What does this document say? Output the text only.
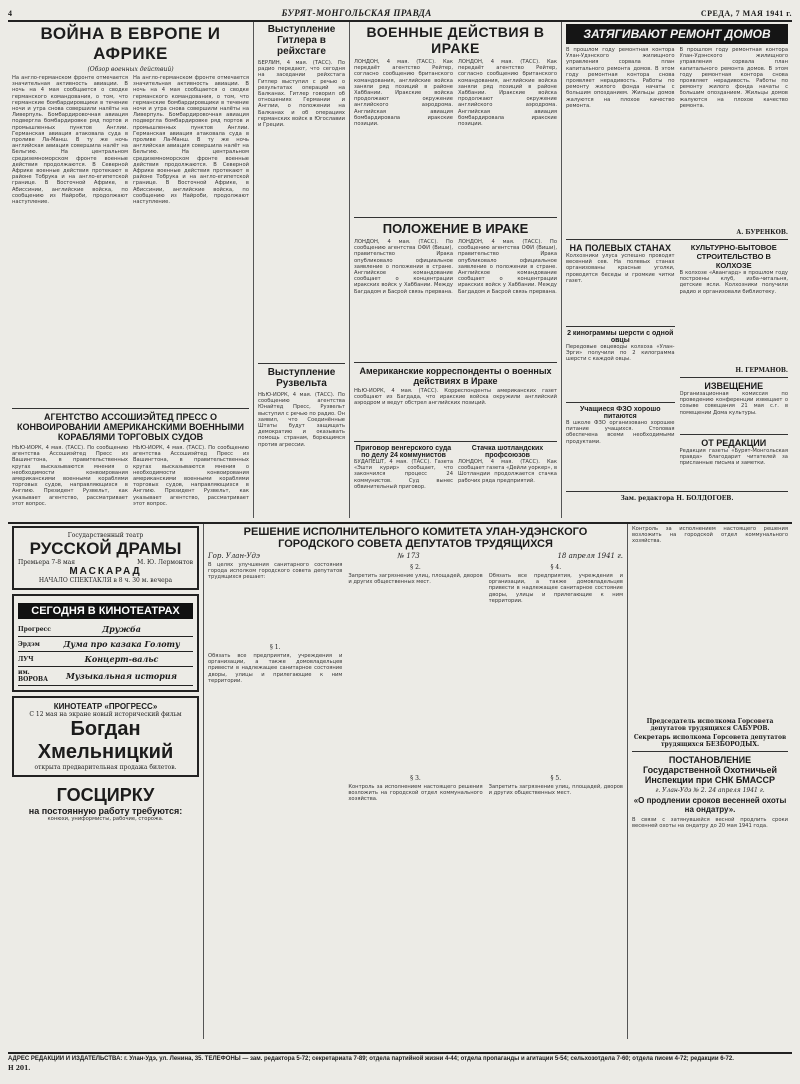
4	БУРЯТ-МОНГОЛЬСКАЯ ПРАВДА	СРЕДА, 7 МАЯ 1941 г.
ВОЙНА В ЕВРОПЕ И АФРИКЕ
(Обзор военных действий)
На англо-германском фронте отмечается значительная активность авиации. В ночь на 4 мая сообщается о сводке германского командования, о том, что германские бомбардировщики в течение ночи и утра снова совершили налёты на Ливерпуль. Бомбардировочная авиация подвергла бомбардировке ряд портов и промышленных пунктов Англии. Германская авиация атаковала суда в проливе Ла-Манш. В ту же ночь английская авиация совершила налёт на Бельгию. На центральном средиземноморском фронте военные действия продолжаются. В Северной Африке военные действия протекают в районе Тобрука и на англо-египетской границе. В Восточной Африке, в Абиссинии, английские войска, по сообщению из Найроби, продолжают наступление.
На англо-германском фронте отмечается значительная активность авиации. В ночь на 4 мая сообщается о сводке германского командования, о том, что германские бомбардировщики в течение ночи и утра снова совершили налёты на Ливерпуль. Бомбардировочная авиация подвергла бомбардировке ряд портов и промышленных пунктов Англии. Германская авиация атаковала суда в проливе Ла-Манш. В ту же ночь английская авиация совершила налёт на Бельгию. На центральном средиземноморском фронте военные действия продолжаются. В Северной Африке военные действия протекают в районе Тобрука и на англо-египетской границе. В Восточной Африке, в Абиссинии, английские войска, по сообщению из Найроби, продолжают наступление.
АГЕНТСТВО АССОШИЭЙТЕД ПРЕСС О КОНВОИРОВАНИИ АМЕРИКАНСКИМИ ВОЕННЫМИ КОРАБЛЯМИ ТОРГОВЫХ СУДОВ
НЬЮ-ЙОРК, 4 мая. (ТАСС). По сообщению агентства Ассошиэйтед Пресс из Вашингтона, в правительственных кругах высказываются мнения о необходимости конвоирования американскими военными кораблями торговых судов, направляющихся в Англию. Президент Рузвельт, как указывает агентство, рассматривает этот вопрос.
НЬЮ-ЙОРК, 4 мая. (ТАСС). По сообщению агентства Ассошиэйтед Пресс из Вашингтона, в правительственных кругах высказываются мнения о необходимости конвоирования американскими военными кораблями торговых судов, направляющихся в Англию. Президент Рузвельт, как указывает агентство, рассматривает этот вопрос.
Выступление Гитлера в рейхстаге
БЕРЛИН, 4 мая. (ТАСС). По радио передают, что сегодня на заседании рейхстага Гитлер выступил с речью о результатах операций на Балканах. Гитлер говорил об отношениях Германии и Англии, о положении на Балканах и об операциях германских войск в Югославии и Греции.
Выступление Рузвельта
НЬЮ-ЙОРК, 4 мая. (ТАСС). По сообщению агентства Юнайтед Пресс, Рузвельт выступил с речью по радио. Он заявил, что Соединённые Штаты будут защищать демократию и оказывать помощь странам, борющимся против агрессии.
ВОЕННЫЕ ДЕЙСТВИЯ В ИРАКЕ
ЛОНДОН, 4 мая. (ТАСС). Как передаёт агентство Рейтер, согласно сообщению британского командования, английские войска заняли ряд позиций в районе Хаббании. Иракские войска продолжают окружение английского аэродрома. Английская авиация бомбардировала иракские позиции.
ЛОНДОН, 4 мая. (ТАСС). Как передаёт агентство Рейтер, согласно сообщению британского командования, английские войска заняли ряд позиций в районе Хаббании. Иракские войска продолжают окружение английского аэродрома. Английская авиация бомбардировала иракские позиции.
ПОЛОЖЕНИЕ В ИРАКЕ
ЛОНДОН, 4 мая. (ТАСС). По сообщению агентства ОФИ (Виши), правительство Ирака опубликовало официальное заявление о положении в стране. Английское командование сообщает о концентрации иракских войск у Хаббании. Между Багдадом и Басрой связь прервана.
ЛОНДОН, 4 мая. (ТАСС). По сообщению агентства ОФИ (Виши), правительство Ирака опубликовало официальное заявление о положении в стране. Английское командование сообщает о концентрации иракских войск у Хаббании. Между Багдадом и Басрой связь прервана.
Американские корреспонденты о военных действиях в Ираке
НЬЮ-ЙОРК, 4 мая. (ТАСС). Корреспонденты американских газет сообщают из Багдада, что иракские войска окружили английский аэродром и ведут обстрел английских позиций.
Приговор венгерского суда по делу 24 коммунистов
БУДАПЕШТ, 4 мая. (ТАСС). Газета «Эшти курир» сообщает, что закончился процесс 24 коммунистов. Суд вынес обвинительный приговор.
Стачка шотландских профсоюзов
ЛОНДОН, 4 мая. (ТАСС). Как сообщает газета «Дейли уоркер», в Шотландии продолжается стачка рабочих ряда предприятий.
ЗАТЯГИВАЮТ РЕМОНТ ДОМОВ
В прошлом году ремонтная контора Улан-Удэнского жилищного управления сорвала план капитального ремонта домов. В этом году ремонтная контора снова проявляет нерадивость. Работы по ремонту жилого фонда начаты с большим опозданием. Жильцы домов жалуются на плохое качество ремонта.
В прошлом году ремонтная контора Улан-Удэнского жилищного управления сорвала план капитального ремонта домов. В этом году ремонтная контора снова проявляет нерадивость. Работы по ремонту жилого фонда начаты с большим опозданием. Жильцы домов жалуются на плохое качество ремонта.
А. БУРЕНКОВ.
НА ПОЛЕВЫХ СТАНАХ
Колхозники улуса успешно проводят весенний сев. На полевых станах организованы красные уголки, проводятся беседы и громкие читки газет.
2 кинограммы шерсти с одной овцы
Передовые овцеводы колхоза «Улан-Эрги» получили по 2 килограмма шерсти с каждой овцы.
Учащиеся ФЗО хорошо питаются
В школе ФЗО организовано хорошее питание учащихся. Столовая обеспечена всеми необходимыми продуктами.
КУЛЬТУРНО-БЫТОВОЕ СТРОИТЕЛЬСТВО В КОЛХОЗЕ
В колхозе «Авангард» в прошлом году построены клуб, изба-читальня, детские ясли. Колхозники получили радио и организовали библиотеку.
Н. ГЕРМАНОВ.
ИЗВЕЩЕНИЕ
Организационная комиссия по проведению конференции извещает о созыве совещания 21 мая с.г. в помещении Дома культуры.
ОТ РЕДАКЦИИ
Редакция газеты «Бурят-Монгольская правда» благодарит читателей за присланные письма и заметки.
Зам. редактора Н. БОЛДОГОЕВ.
Государственный театр
РУССКОЙ ДРАМЫ
Премьера 7-8 мая	М. Ю. Лермонтов
МАСКАРАД
НАЧАЛО СПЕКТАКЛЯ в 8 ч. 30 м. вечера
СЕГОДНЯ В КИНОТЕАТРАХ
Прогресс	Дружба
Эрдэм	Дума про казака Голоту
ЛУЧ	Концерт-вальс
им. ВОРОВА	Музыкальная история
КИНОТЕАТР «ПРОГРЕСС»
С 12 мая на экране новый исторический фильм
Богдан
Хмельницкий
открыта предварительная продажа билетов.
ГОСЦИРКУ
на постоянную работу требуются:
конюхи, униформисты, рабочие, сторожа.
РЕШЕНИЕ ИСПОЛНИТЕЛЬНОГО КОМИТЕТА УЛАН-УДЭНСКОГО ГОРОДСКОГО СОВЕТА ДЕПУТАТОВ ТРУДЯЩИХСЯ
Гор. Улан-Удэ	№ 173	18 апреля 1941 г.
В целях улучшения санитарного состояния города исполком городского совета депутатов трудящихся решает:
§ 1.
Обязать все предприятия, учреждения и организации, а также домовладельцев привести в надлежащее санитарное состояние дворы, улицы и прилегающие к ним территории.
§ 2.
Запретить загрязнение улиц, площадей, дворов и других общественных мест.
§ 3.
Контроль за исполнением настоящего решения возложить на городской отдел коммунального хозяйства.
§ 4.
Обязать все предприятия, учреждения и организации, а также домовладельцев привести в надлежащее санитарное состояние дворы, улицы и прилегающие к ним территории.
§ 5.
Запретить загрязнение улиц, площадей, дворов и других общественных мест.
Контроль за исполнением настоящего решения возложить на городской отдел коммунального хозяйства.
Председатель исполкома Горсовета депутатов трудящихся САБУРОВ.
Секретарь исполкома Горсовета депутатов трудящихся БЕЗБОРОДЫХ.
ПОСТАНОВЛЕНИЕ Государственной Охотничьей Инспекции при СНК БМАССР
г. Улан-Удэ № 2. 24 апреля 1941 г.
«О продлении сроков весенней охоты на ондатру».
В связи с затянувшейся весной продлить сроки весенней охоты на ондатру до 20 мая 1941 года.
АДРЕС РЕДАКЦИИ И ИЗДАТЕЛЬСТВА: г. Улан-Удэ, ул. Ленина, 35. ТЕЛЕФОНЫ — зам. редактора 5-72; секретариата 7-89; отдела партийной жизни 4-44; отдела пропаганды и агитации 5-54; сельхозотдела 7-60; отдела писем 4-72; редакции 6-72.
Н 201.
